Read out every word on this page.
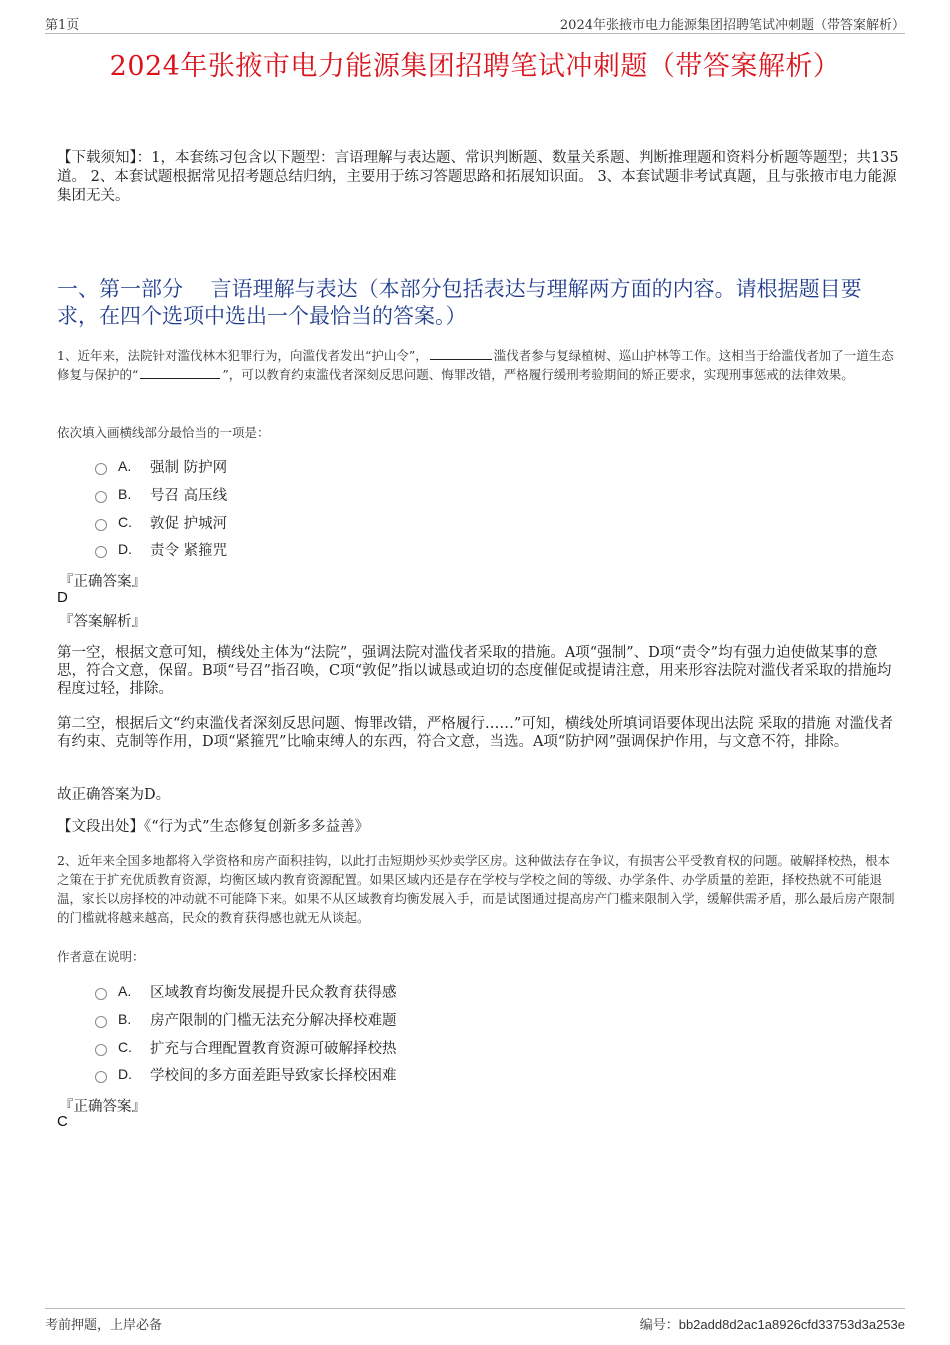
第1页	2024年张掖市电力能源集团招聘笔试冲刺题（带答案解析）
2024年张掖市电力能源集团招聘笔试冲刺题（带答案解析）
【下载须知】：1，本套练习包含以下题型：言语理解与表达题、常识判断题、数量关系题、判断推理题和资料分析题等题型；共135道。 2、本套试题根据常见招考题总结归纳，主要用于练习答题思路和拓展知识面。 3、本套试题非考试真题，且与张掖市电力能源集团无关。
一、第一部分　 言语理解与表达（本部分包括表达与理解两方面的内容。请根据题目要求，在四个选项中选出一个最恰当的答案。）
1、近年来，法院针对滥伐林木犯罪行为，向滥伐者发出“护山令”，	滥伐者参与复绿植树、巡山护林等工作。这相当于给滥伐者加了一道生态修复与保护的“	”，可以教育约束滥伐者深刻反思问题、悔罪改错，严格履行缓刑考验期间的矫正要求，实现刑事惩戒的法律效果。
依次填入画横线部分最恰当的一项是：
A.	强制 防护网
B.	号召 高压线
C.	敦促 护城河
D.	责令 紧箍咒
『正确答案』
D
『答案解析』
第一空，根据文意可知，横线处主体为“法院”，强调法院对滥伐者采取的措施。A项“强制”、D项“责令”均有强力迫使做某事的意思，符合文意，保留。B项“号召”指召唤，C项“敦促”指以诚恳或迫切的态度催促或提请注意，用来形容法院对滥伐者采取的措施均程度过轻，排除。
第二空，根据后文“约束滥伐者深刻反思问题、悔罪改错，严格履行……”可知，横线处所填词语要体现出法院 采取的措施 对滥伐者有约束、克制等作用，D项“紧箍咒”比喻束缚人的东西，符合文意，当选。A项“防护网”强调保护作用，与文意不符，排除。
故正确答案为D。
【文段出处】《“行为式”生态修复创新多多益善》
2、近年来全国多地都将入学资格和房产面积挂钩，以此打击短期炒买炒卖学区房。这种做法存在争议，有损害公平受教育权的问题。破解择校热，根本之策在于扩充优质教育资源，均衡区域内教育资源配置。如果区域内还是存在学校与学校之间的等级、办学条件、办学质量的差距，择校热就不可能退温，家长以房择校的冲动就不可能降下来。如果不从区域教育均衡发展入手，而是试图通过提高房产门槛来限制入学，缓解供需矛盾，那么最后房产限制的门槛就将越来越高，民众的教育获得感也就无从谈起。
作者意在说明：
A.	区域教育均衡发展提升民众教育获得感
B.	房产限制的门槛无法充分解决择校难题
C.	扩充与合理配置教育资源可破解择校热
D.	学校间的多方面差距导致家长择校困难
『正确答案』
C
考前押题，上岸必备	编号：bb2add8d2ac1a8926cfd33753d3a253e
